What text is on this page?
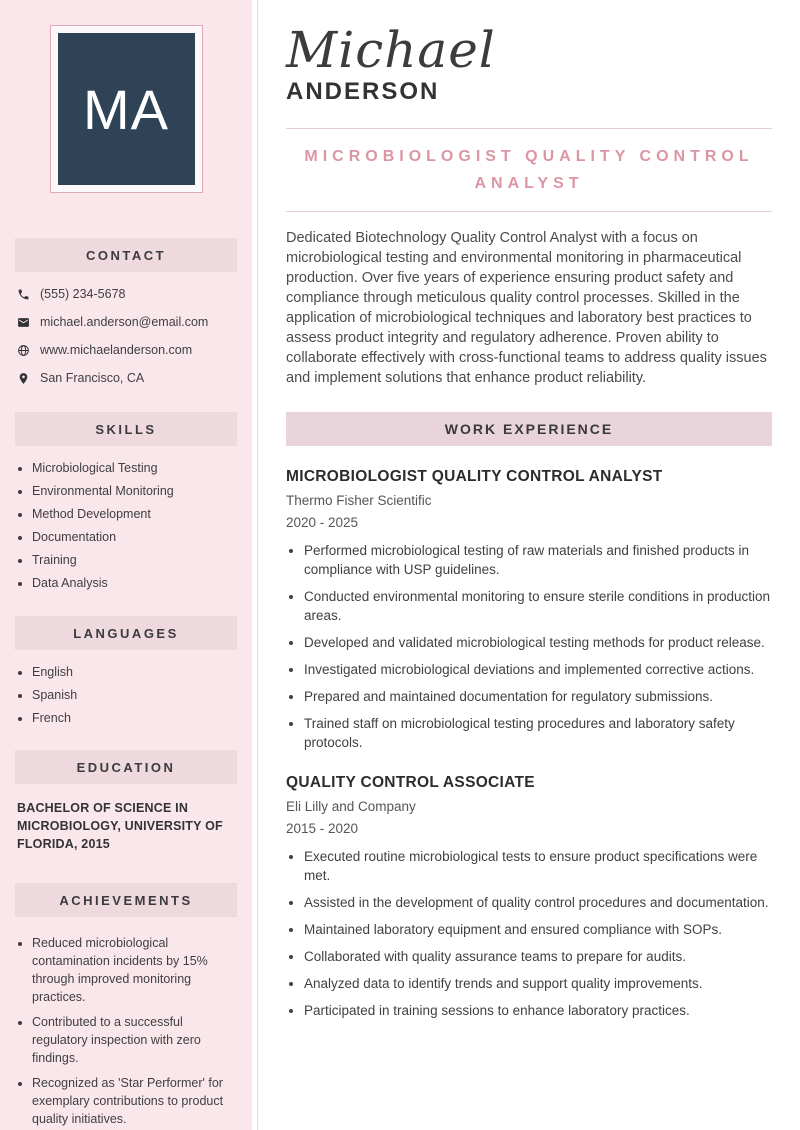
MA
CONTACT
(555) 234-5678
michael.anderson@email.com
www.michaelanderson.com
San Francisco, CA
SKILLS
• Microbiological Testing
• Environmental Monitoring
• Method Development
• Documentation
• Training
• Data Analysis
LANGUAGES
• English
• Spanish
• French
EDUCATION
BACHELOR OF SCIENCE IN MICROBIOLOGY, UNIVERSITY OF FLORIDA, 2015
ACHIEVEMENTS
• Reduced microbiological contamination incidents by 15% through improved monitoring practices.
• Contributed to a successful regulatory inspection with zero findings.
• Recognized as 'Star Performer' for exemplary contributions to product quality initiatives.
Michael
ANDERSON
MICROBIOLOGIST QUALITY CONTROL ANALYST

Dedicated Biotechnology Quality Control Analyst with a focus on microbiological testing and environmental monitoring in pharmaceutical production. Over five years of experience ensuring product safety and compliance through meticulous quality control processes. Skilled in the application of microbiological techniques and laboratory best practices to assess product integrity and regulatory adherence. Proven ability to collaborate effectively with cross-functional teams to address quality issues and implement solutions that enhance product reliability.

WORK EXPERIENCE
MICROBIOLOGIST QUALITY CONTROL ANALYST
Thermo Fisher Scientific
2020 - 2025
• Performed microbiological testing of raw materials and finished products in compliance with USP guidelines.
• Conducted environmental monitoring to ensure sterile conditions in production areas.
• Developed and validated microbiological testing methods for product release.
• Investigated microbiological deviations and implemented corrective actions.
• Prepared and maintained documentation for regulatory submissions.
• Trained staff on microbiological testing procedures and laboratory safety protocols.
QUALITY CONTROL ASSOCIATE
Eli Lilly and Company
2015 - 2020
• Executed routine microbiological tests to ensure product specifications were met.
• Assisted in the development of quality control procedures and documentation.
• Maintained laboratory equipment and ensured compliance with SOPs.
• Collaborated with quality assurance teams to prepare for audits.
• Analyzed data to identify trends and support quality improvements.
• Participated in training sessions to enhance laboratory practices.
